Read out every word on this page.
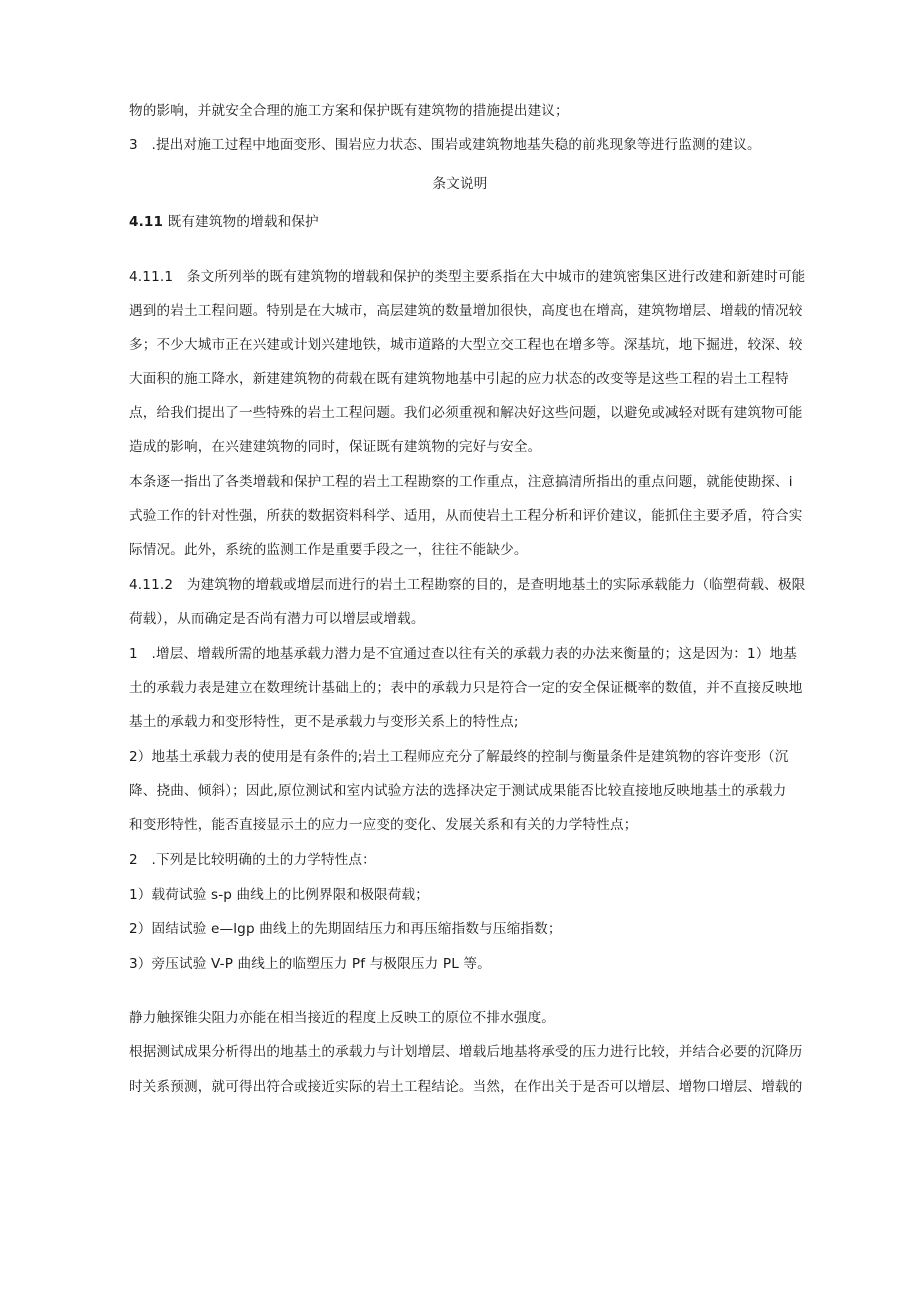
物的影响，并就安全合理的施工方案和保护既有建筑物的措施提出建议；
3　.提出对施工过程中地面变形、围岩应力状态、围岩或建筑物地基失稳的前兆现象等进行监测的建议。
条文说明
4.11 既有建筑物的增载和保护
4.11.1　条文所列举的既有建筑物的增载和保护的类型主要系指在大中城市的建筑密集区进行改建和新建时可能
遇到的岩土工程问题。特别是在大城市，高层建筑的数量增加很快，高度也在增高，建筑物增层、增载的情况较
多；不少大城市正在兴建或计划兴建地铁，城市道路的大型立交工程也在增多等。深基坑，地下掘进，较深、较
大面积的施工降水，新建建筑物的荷载在既有建筑物地基中引起的应力状态的改变等是这些工程的岩土工程特
点，给我们提出了一些特殊的岩土工程问题。我们必须重视和解决好这些问题，以避免或减轻对既有建筑物可能
造成的影响，在兴建建筑物的同时，保证既有建筑物的完好与安全。
本条逐一指出了各类增载和保护工程的岩土工程勘察的工作重点，注意搞清所指出的重点问题，就能使勘探、i
式验工作的针对性强，所获的数据资料科学、适用，从而使岩土工程分析和评价建议，能抓住主要矛盾，符合实
际情况。此外，系统的监测工作是重要手段之一，往往不能缺少。
4.11.2　为建筑物的增载或增层而进行的岩土工程勘察的目的，是查明地基土的实际承载能力（临塑荷载、极限
荷载），从而确定是否尚有潜力可以增层或增载。
1　.增层、增载所需的地基承载力潜力是不宜通过查以往有关的承载力表的办法来衡量的；这是因为：1）地基
土的承载力表是建立在数理统计基础上的；表中的承载力只是符合一定的安全保证概率的数值，并不直接反映地
基土的承载力和变形特性，更不是承载力与变形关系上的特性点;
2）地基土承载力表的使用是有条件的;岩土工程师应充分了解最终的控制与衡量条件是建筑物的容许变形（沉
降、挠曲、倾斜）；因此,原位测试和室内试验方法的选择决定于测试成果能否比较直接地反映地基土的承载力
和变形特性，能否直接显示土的应力一应变的变化、发展关系和有关的力学特性点；
2　.下列是比较明确的土的力学特性点：
1）载荷试验 s-p 曲线上的比例界限和极限荷载；
2）固结试验 e—lgp 曲线上的先期固结压力和再压缩指数与压缩指数；
3）旁压试验 V-P 曲线上的临塑压力 Pf 与极限压力 PL 等。
静力触探锥尖阻力亦能在相当接近的程度上反映工的原位不排水强度。
根据测试成果分析得出的地基土的承载力与计划增层、增载后地基将承受的压力进行比较，并结合必要的沉降历
时关系预测，就可得出符合或接近实际的岩土工程结论。当然，在作出关于是否可以增层、增物口增层、增载的
